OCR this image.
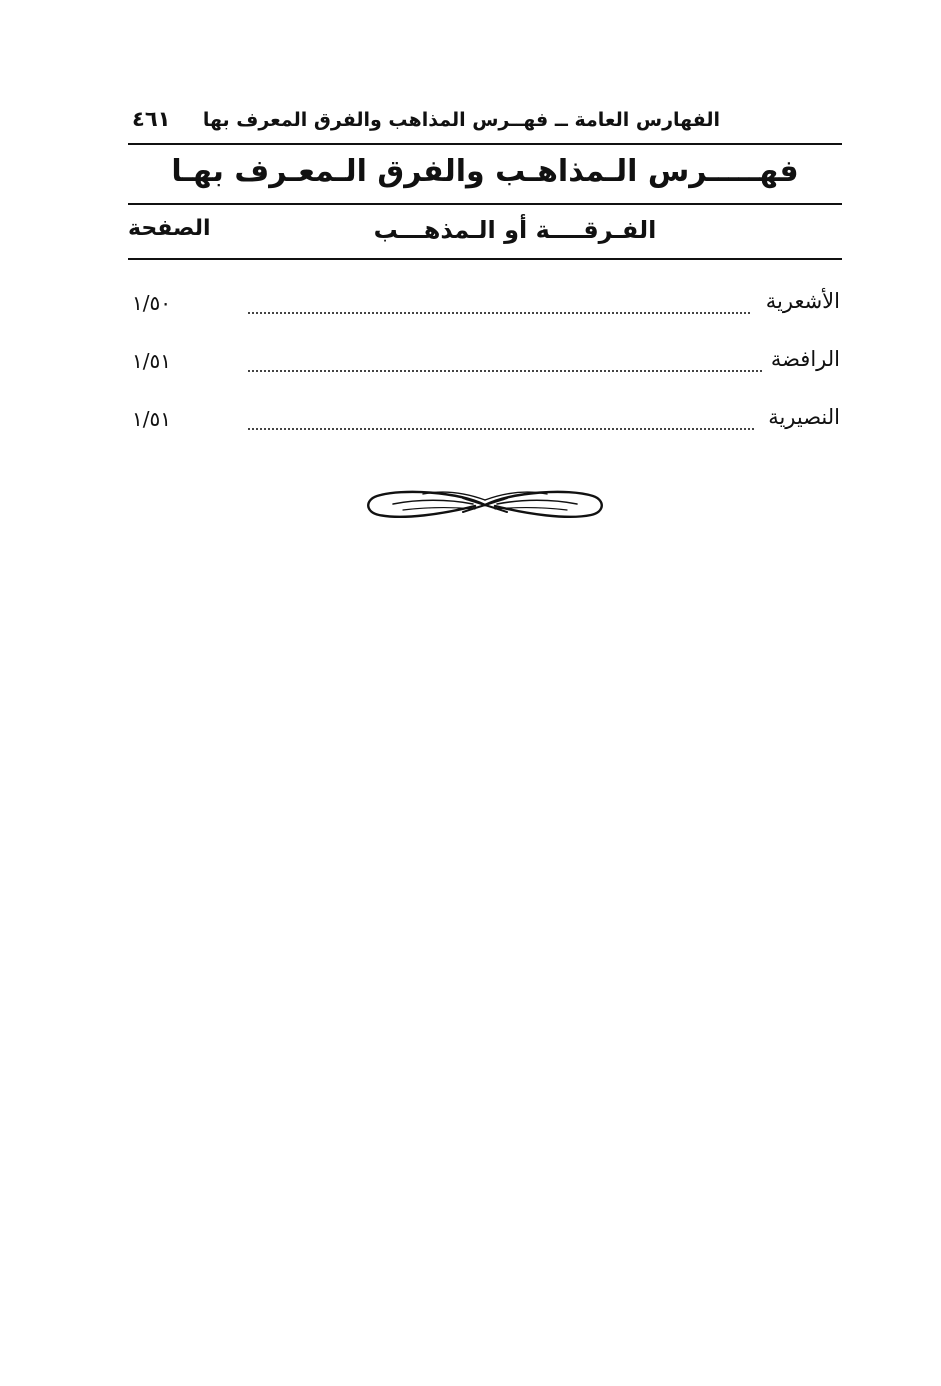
الفهارس العامة ــ فهــرس المذاهب والفرق المعرف بها
٤٦١
فهـــــرس الـمذاهـب والفرق الـمعـرف بهـا
الفـرقــــة أو الـمذهـــب
الصفحة
الأشعرية
١/٥٠
الرافضة
١/٥١
النصيرية
١/٥١
